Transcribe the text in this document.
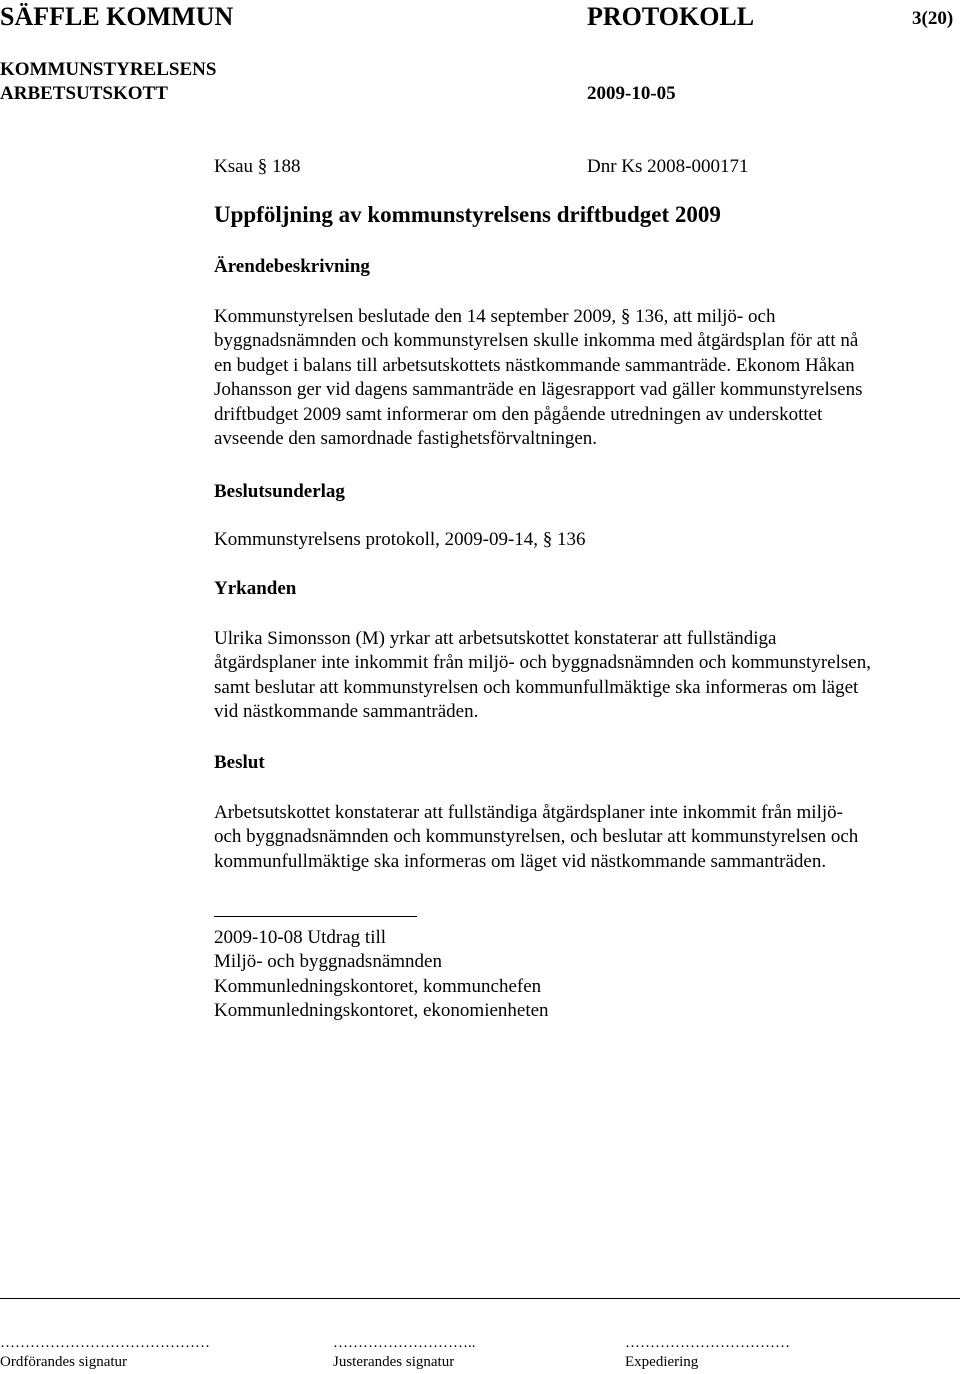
SÄFFLE KOMMUN	PROTOKOLL	3(20)
KOMMUNSTYRELSENS
ARBETSUTSKOTT	2009-10-05
Ksau § 188	Dnr Ks 2008-000171
Uppföljning av kommunstyrelsens driftbudget 2009
Ärendebeskrivning
Kommunstyrelsen beslutade den 14 september 2009, § 136, att miljö- och
byggnadsnämnden och kommunstyrelsen skulle inkomma med åtgärdsplan för att nå
en budget i balans till arbetsutskottets nästkommande sammanträde. Ekonom Håkan
Johansson ger vid dagens sammanträde en lägesrapport vad gäller kommunstyrelsens
driftbudget 2009 samt informerar om den pågående utredningen av underskottet
avseende den samordnade fastighetsförvaltningen.
Beslutsunderlag
Kommunstyrelsens protokoll, 2009-09-14, § 136
Yrkanden
Ulrika Simonsson (M) yrkar att arbetsutskottet konstaterar att fullständiga
åtgärdsplaner inte inkommit från miljö- och byggnadsnämnden och kommunstyrelsen,
samt beslutar att kommunstyrelsen och kommunfullmäktige ska informeras om läget
vid nästkommande sammanträden.
Beslut
Arbetsutskottet konstaterar att fullständiga åtgärdsplaner inte inkommit från miljö-
och byggnadsnämnden och kommunstyrelsen, och beslutar att kommunstyrelsen och
kommunfullmäktige ska informeras om läget vid nästkommande sammanträden.
2009-10-08 Utdrag till
Miljö- och byggnadsnämnden
Kommunledningskontoret, kommunchefen
Kommunledningskontoret, ekonomienheten
……………………………………	………………………..	……………………………
Ordförandes signatur	Justerandes signatur	Expediering
